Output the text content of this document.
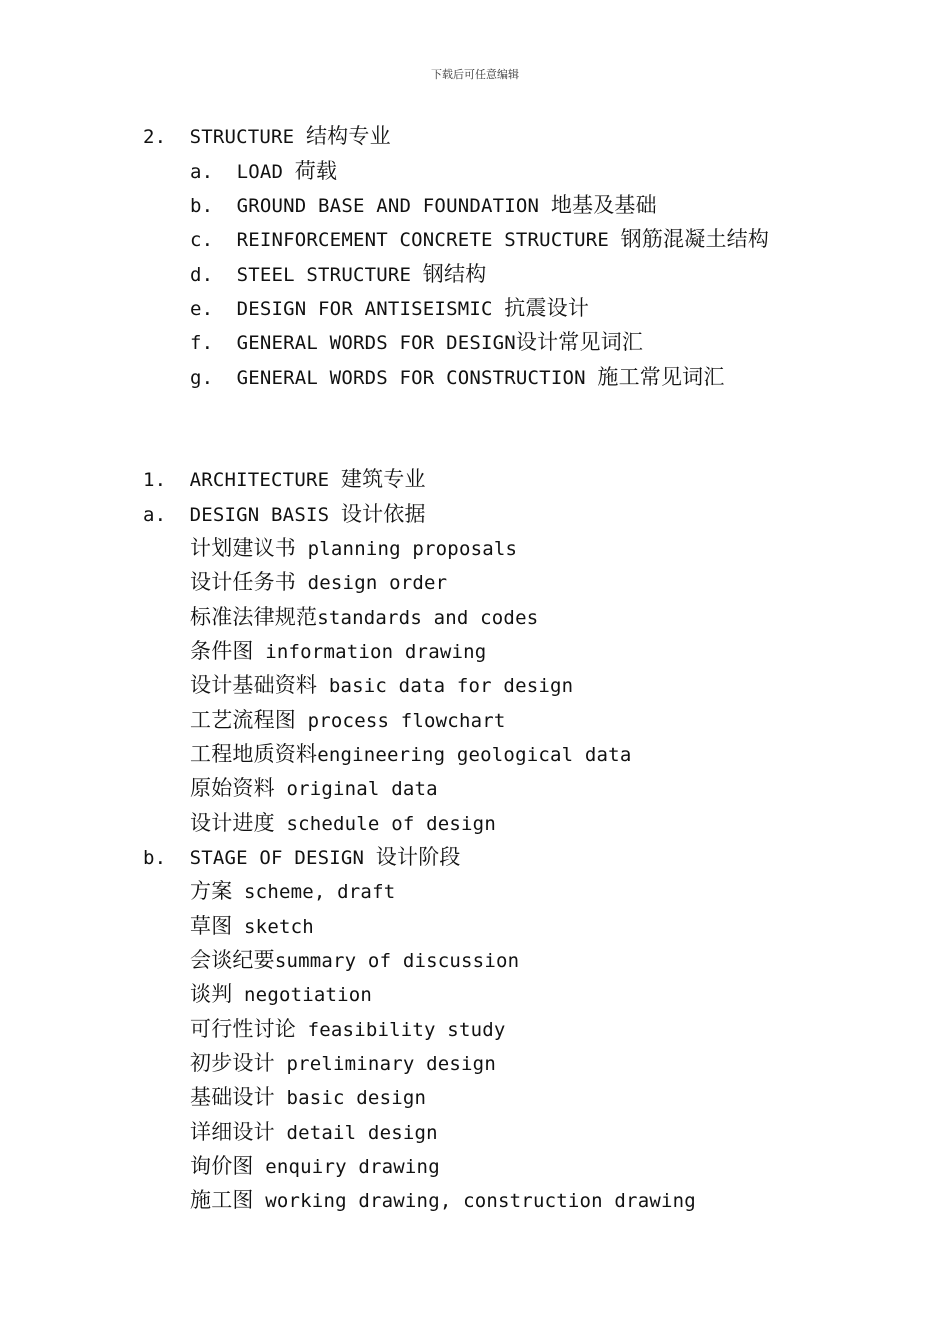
下载后可任意编辑
2. STRUCTURE 结构专业
a. LOAD 荷载
b. GROUND BASE AND FOUNDATION 地基及基础
c. REINFORCEMENT CONCRETE STRUCTURE 钢筋混凝土结构
d. STEEL STRUCTURE 钢结构
e. DESIGN FOR ANTISEISMIC 抗震设计
f. GENERAL WORDS FOR DESIGN设计常见词汇
g. GENERAL WORDS FOR CONSTRUCTION 施工常见词汇
1. ARCHITECTURE 建筑专业
a. DESIGN BASIS 设计依据
计划建议书 planning proposals
设计任务书 design order
标准法律规范standards and codes
条件图 information drawing
设计基础资料 basic data for design
工艺流程图 process flowchart
工程地质资料engineering geological data
原始资料 original data
设计进度 schedule of design
b. STAGE OF DESIGN 设计阶段
方案 scheme, draft
草图 sketch
会谈纪要summary of discussion
谈判 negotiation
可行性讨论 feasibility study
初步设计 preliminary design
基础设计 basic design
详细设计 detail design
询价图 enquiry drawing
施工图 working drawing, construction drawing
